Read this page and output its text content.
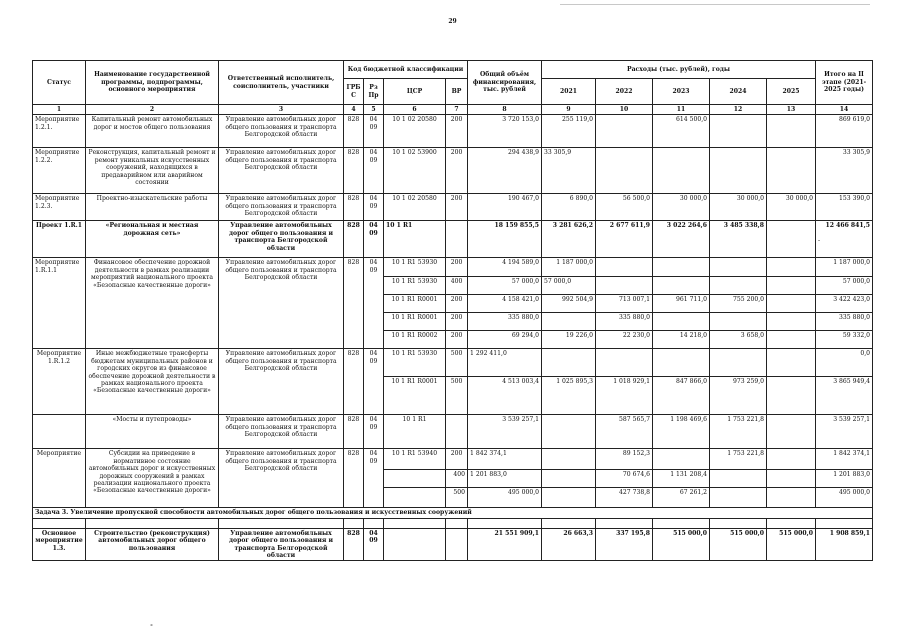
29
°
Статус	Наименование государственной программы, подпрограммы, основного мероприятия	Ответственный исполнитель, соисполнитель, участники	Код бюджетной классификации				Общий объём финансирования, тыс. рублей	Расходы (тыс. рублей), годы					Итого на II этапе (2021-2025 годы)
			ГРБС	Рз Пр	ЦСР	ВР		2021	2022	2023	2024	2025	
1	2	3	4	5	6	7	8	9	10	11	12	13	14
Мероприятие 1.2.1.	Капитальный ремонт автомобильных дорог и мостов общего пользования	Управление автомобильных дорог общего пользования и транспорта Белгородской области	828	04 09	10 1 02 20580	200	3 720 153,0	255 119,0		614 500,0			869 619,0
Мероприятие 1.2.2.	Реконструкция, капитальный ремонт и ремонт уникальных искусственных сооружений, находящихся в предаварийном или аварийном состоянии	Управление автомобильных дорог общего пользования и транспорта Белгородской области	828	04 09	10 1 02 53900	200	294 438,9	33 305,9					33 305,9
Мероприятие 1.2.3.	Проектно-изыскательские работы	Управление автомобильных дорог общего пользования и транспорта Белгородской области	828	04 09	10 1 02 20580	200	190 467,0	6 890,0	56 500,0	30 000,0	30 000,0	30 000,0	153 390,0
Проект 1.R.1	«Региональная и местная дорожная сеть»	Управление автомобильных дорог общего пользования и транспорта Белгородской области	828	04 09	10 1 R1		18 159 855,5	3 281 626,2	2 677 611,9	3 022 264,6	3 485 338,8		12 466 841,5

-

Мероприятие 1.R.1.1	Финансовое обеспечение дорожной деятельности в рамках реализации мероприятий национального проекта «Безопасные качественные дороги»	Управление автомобильных дорог общего пользования и транспорта Белгородской области	828	04 09	10 1 R1 53930	200	4 194 589,0	1 187 000,0					1 187 000,0
					10 1 R1 53930	400	57 000,0	57 000,0					57 000,0
					10 1 R1 R0001	200	4 158 421,0	992 504,9	713 007,1	961 711,0	755 200,0		3 422 423,0
					10 1 R1 R0001	200	335 880,0		335 880,0				335 880,0
					10 1 R1 R0002	200	69 294,0	19 226,0	22 230,0	14 218,0	3 658,0		59 332,0
Мероприятие 1.R.1.2	Иные межбюджетные трансферты бюджетам муниципальных районов и городских округов из финансовое обеспечение дорожной деятельности в рамках национального проекта «Безопасные качественные дороги»	Управление автомобильных дорог общего пользования и транспорта Белгородской области	828	04 09	10 1 R1 53930	500	1 292 411,0						0,0
					10 1 R1 R0001	500	4 513 003,4	1 025 895,3	1 018 929,1	847 866,0	973 259,0		3 865 949,4
	«Мосты и путепроводы»	Управление автомобильных дорог общего пользования и транспорта Белгородской области	828	04 09	10 1 R1		3 539 257,1		587 565,7	1 198 469,6	1 753 221,8		3 539 257,1
Мероприятие	Субсидии на приведение в нормативное состояние автомобильных дорог и искусственных дорожных сооружений в рамках реализации национального проекта «Безопасные качественные дороги»	Управление автомобильных дорог общего пользования и транспорта Белгородской области	828	04 09	10 1 R1 53940	200	1 842 374,1		89 152,3		1 753 221,8		1 842 374,1
						400	1 201 883,0		70 674,6	1 131 208,4			1 201 883,0
						500	495 000,0		427 738,8	67 261,2			495 000,0
Задача 3. Увеличение пропускной способности автомобильных дорог общего пользования и искусственных сооружений													

Основное мероприятие 1.3.	Строительство (реконструкция) автомобильных дорог общего пользования	Управление автомобильных дорог общего пользования и транспорта Белгородской области	828	04 09			21 551 909,1	26 663,3	337 195,8	515 000,0	515 000,0	515 000,0	1 908 859,1
